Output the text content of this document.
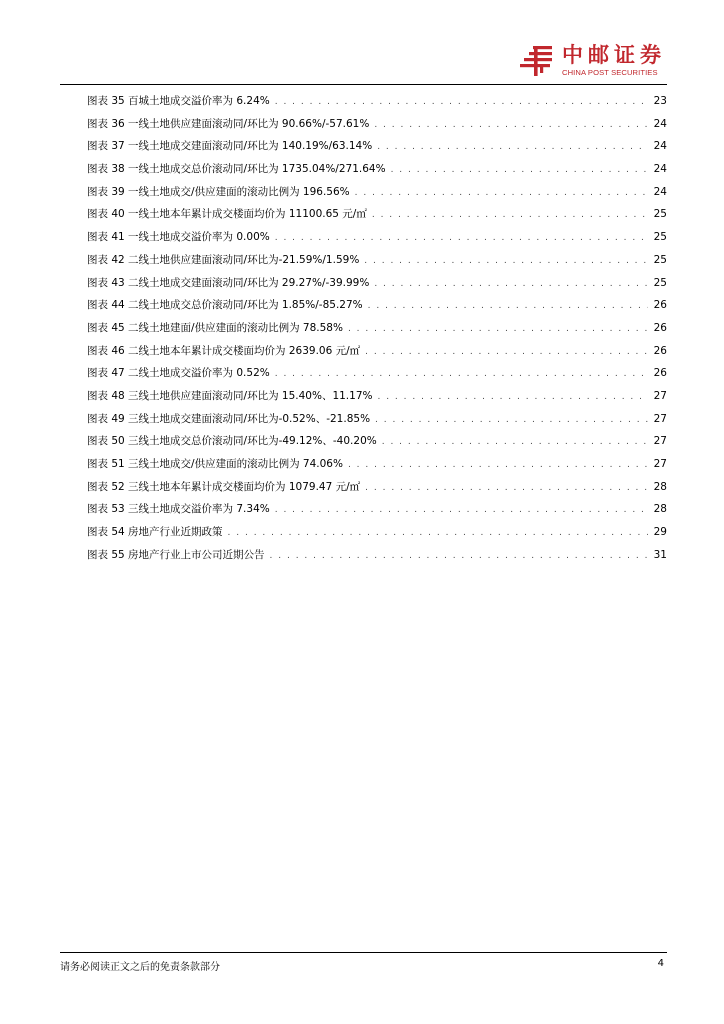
中邮证券
CHINA POST SECURITIES
图表 35 百城土地成交溢价率为 6.24% . . .	23
图表 36 一线土地供应建面滚动同/环比为 90.66%/-57.61% . . .	24
图表 37 一线土地成交建面滚动同/环比为 140.19%/63.14% . . .	24
图表 38 一线土地成交总价滚动同/环比为 1735.04%/271.64% . . .	24
图表 39 一线土地成交/供应建面的滚动比例为 196.56% . . .	24
图表 40 一线土地本年累计成交楼面均价为 11100.65 元/㎡ . . .	25
图表 41 一线土地成交溢价率为 0.00% . . .	25
图表 42 二线土地供应建面滚动同/环比为-21.59%/1.59% . . .	25
图表 43 二线土地成交建面滚动同/环比为 29.27%/-39.99% . . .	25
图表 44 二线土地成交总价滚动同/环比为 1.85%/-85.27% . . .	26
图表 45 二线土地建面/供应建面的滚动比例为 78.58% . . .	26
图表 46 二线土地本年累计成交楼面均价为 2639.06 元/㎡ . . .	26
图表 47 二线土地成交溢价率为 0.52% . . .	26
图表 48 三线土地供应建面滚动同/环比为 15.40%、11.17% . . .	27
图表 49 三线土地成交建面滚动同/环比为-0.52%、-21.85% . . .	27
图表 50 三线土地成交总价滚动同/环比为-49.12%、-40.20% . . .	27
图表 51 三线土地成交/供应建面的滚动比例为 74.06% . . .	27
图表 52 三线土地本年累计成交楼面均价为 1079.47 元/㎡ . . .	28
图表 53 三线土地成交溢价率为 7.34% . . .	28
图表 54 房地产行业近期政策 . . .	29
图表 55 房地产行业上市公司近期公告 . . .	31
请务必阅读正文之后的免责条款部分	4
